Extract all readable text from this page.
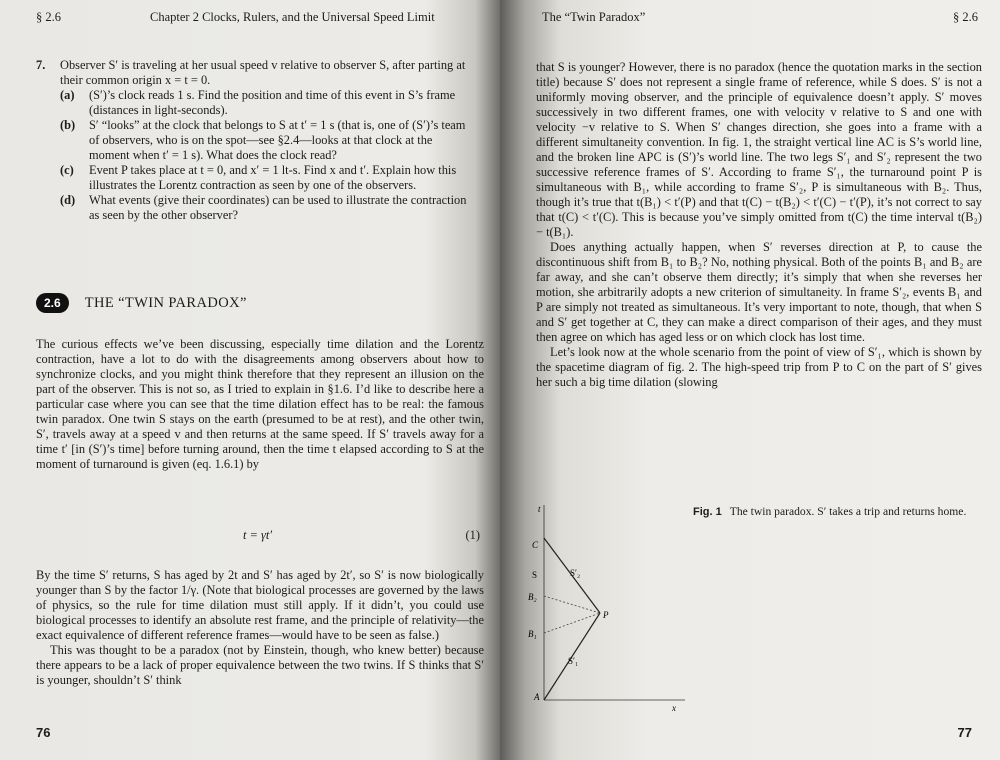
§ 2.6	Chapter 2 Clocks, Rulers, and the Universal Speed Limit
7.	Observer S′ is traveling at her usual speed v relative to observer S, after parting at their common origin x = t = 0.
(a)	(S′)’s clock reads 1 s. Find the position and time of this event in S’s frame (distances in light-seconds).
(b)	S′ “looks” at the clock that belongs to S at t′ = 1 s (that is, one of (S′)’s team of observers, who is on the spot—see §2.4—looks at that clock at the moment when t′ = 1 s). What does the clock read?
(c)	Event P takes place at t = 0, and x′ = 1 lt-s. Find x and t′. Explain how this illustrates the Lorentz contraction as seen by one of the observers.
(d)	What events (give their coordinates) can be used to illustrate the contraction as seen by the other observer?
2.6	THE “TWIN PARADOX”

The curious effects we’ve been discussing, especially time dilation and the Lorentz contraction, have a lot to do with the disagreements among observers about how to synchronize clocks, and you might think therefore that they represent an illusion on the part of the observer. This is not so, as I tried to explain in §1.6. I’d like to describe here a particular case where you can see that the time dilation effect has to be real: the famous twin paradox. One twin S stays on the earth (presumed to be at rest), and the other twin, S′, travels away at a speed v and then returns at the same speed. If S′ travels away for a time t′ [in (S′)’s time] before turning around, then the time t elapsed according to S at the moment of turnaround is given (eq. 1.6.1) by

t = γt′	(1)

By the time S′ returns, S has aged by 2t and S′ has aged by 2t′, so S′ is now biologically younger than S by the factor 1/γ. (Note that biological processes are governed by the laws of physics, so the rule for time dilation must still apply. If it didn’t, you could use biological processes to identify an absolute rest frame, and the principle of relativity—the exact equivalence of different reference frames—would have to be seen as false.)

This was thought to be a paradox (not by Einstein, though, who knew better) because there appears to be a lack of proper equivalence between the two twins. If S thinks that S′ is younger, shouldn’t S′ think

76
The “Twin Paradox”	§ 2.6

that S is younger? However, there is no paradox (hence the quotation marks in the section title) because S′ does not represent a single frame of reference, while S does. S′ is not a uniformly moving observer, and the principle of equivalence doesn’t apply. S′ moves successively in two different frames, one with velocity v relative to S and one with velocity −v relative to S. When S′ changes direction, she goes into a frame with a different simultaneity convention. In fig. 1, the straight vertical line AC is S’s world line, and the broken line APC is (S′)’s world line. The two legs S′₁ and S′₂ represent the two successive reference frames of S′. According to frame S′₁, the turnaround point P is simultaneous with B₁, while according to frame S′₂, P is simultaneous with B₂. Thus, though it’s true that t(B₁) < t′(P) and that t(C) − t(B₂) < t′(C) − t′(P), it’s not correct to say that t(C) < t′(C). This is because you’ve simply omitted from t(C) the time interval t(B₂) − t(B₁).

Does anything actually happen, when S′ reverses direction at P, to cause the discontinuous shift from B₁ to B₂? No, nothing physical. Both of the points B₁ and B₂ are far away, and she can’t observe them directly; it’s simply that when she reverses her motion, she arbitrarily adopts a new criterion of simultaneity. In frame S′₂, events B₁ and P are simply not treated as simultaneous. It’s very important to note, though, that when S and S′ get together at C, they can make a direct comparison of their ages, and they must then agree on which has aged less or on which clock has lost time.

Let’s look now at the whole scenario from the point of view of S′₁, which is shown by the spacetime diagram of fig. 2. The high-speed trip from P to C on the part of S′ gives her such a big time dilation (slowing

77
t
x
C
S	S′₂
B₂
P
B₁
S′₁
A
Fig. 1 The twin paradox. S′ takes a trip and returns home.
